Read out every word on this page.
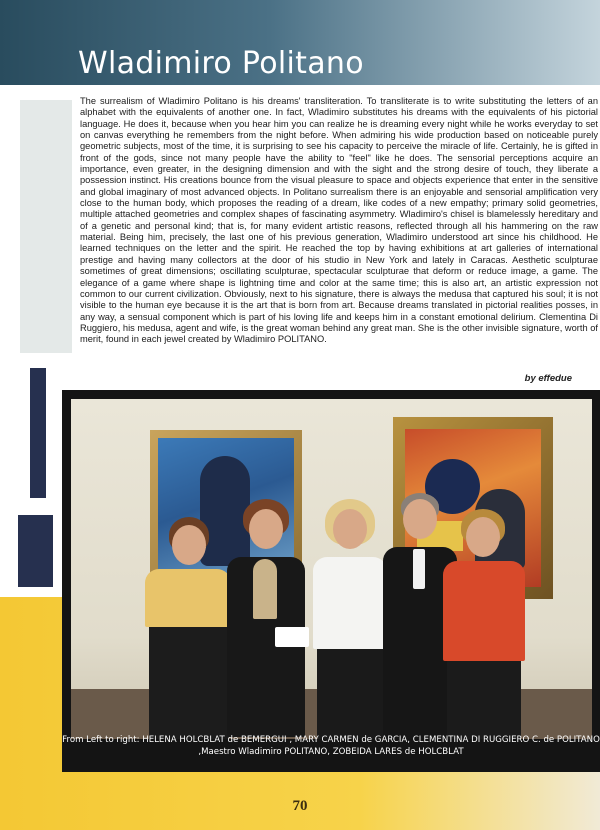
Wladimiro Politano

The surrealism of Wladimiro Politano is his dreams' transliteration. To transliterate is to write substituting the letters of an alphabet with the equivalents of another one. In fact, Wladimiro substitutes his dreams with the equivalents of his pictorial language. He does it, because when you hear him you can realize he is dreaming every night while he works everyday to set on canvas everything he remembers from the night before. When admiring his wide production based on noticeable purely geometric subjects, most of the time, it is surprising to see his capacity to perceive the miracle of life. Certainly, he is gifted in front of the gods, since not many people have the ability to "feel" like he does. The sensorial perceptions acquire an importance, even greater, in the designing dimension and with the sight and the strong desire of touch, they liberate a possession instinct. His creations bounce from the visual pleasure to space and objects experience that enter in the sensitive and global imaginary of most advanced objects. In Politano surrealism there is an enjoyable and sensorial amplification very close to the human body, which proposes the reading of a dream, like codes of a new empathy; primary solid geometries, multiple attached geometries and complex shapes of fascinating asymmetry. Wladimiro's chisel is blamelessly hereditary and of a genetic and personal kind; that is, for many evident artistic reasons, reflected through all his hammering on the raw material. Being him, precisely, the last one of his previous generation, Wladimiro understood art since his childhood. He learned techniques on the letter and the spirit. He reached the top by having exhibitions at art galleries of international prestige and having many collectors at the door of his studio in New York and lately in Caracas. Aesthetic sculpturae sometimes of great dimensions; oscillating sculpturae, spectacular sculpturae that deform or reduce image, a game. The elegance of a game where shape is lightning time and color at the same time; this is also art, an artistic expression not common to our current civilization. Obviously, next to his signature, there is always the medusa that captured his soul; it is not visible to the human eye because it is the art that is born from art. Because dreams translated in pictorial realities posses, in any way, a sensual component which is part of his loving life and keeps him in a constant emotional delirium. Clementina Di Ruggiero, his medusa, agent and wife, is the great woman behind any great man. She is the other invisible signature, worth of merit, found in each jewel created by Wladimiro POLITANO.

by effedue

From Left to right: HELENA HOLCBLAT de BEMERGUI , MARY CARMEN de GARCIA, CLEMENTINA DI RUGGIERO C. de POLITANO ,Maestro Wladimiro POLITANO, ZOBEIDA LARES de HOLCBLAT

70
